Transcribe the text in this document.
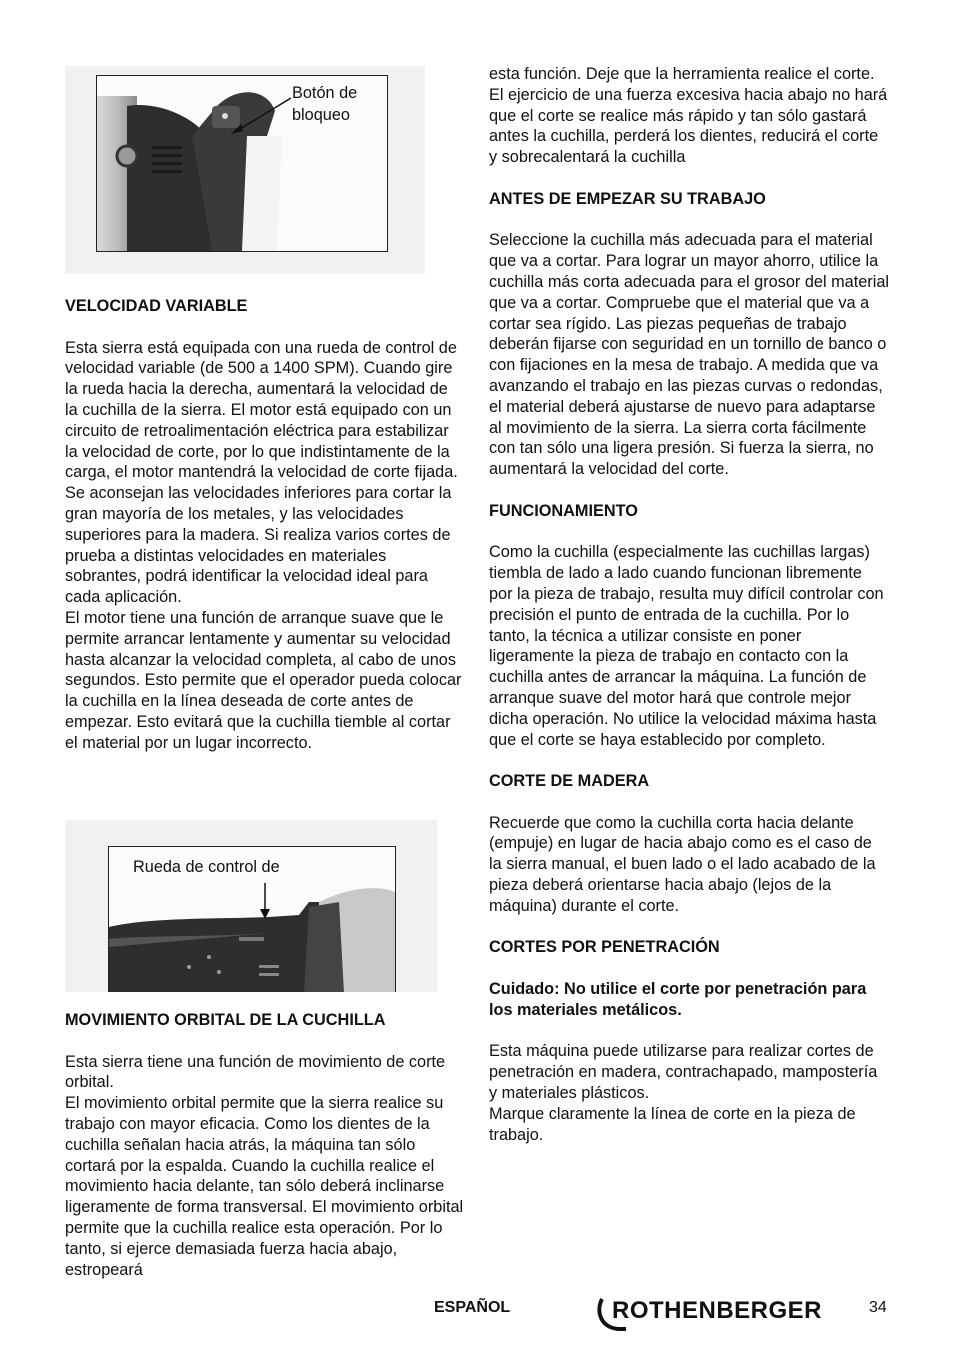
Botón de
bloqueo
VELOCIDAD VARIABLE

Esta sierra está equipada con una rueda de control de velocidad variable (de 500 a 1400 SPM). Cuando gire la rueda hacia la derecha, aumentará la velocidad de la cuchilla de la sierra. El motor está equipado con un circuito de retroalimentación eléctrica para estabilizar la velocidad de corte, por lo que indistintamente de la carga, el motor mantendrá la velocidad de corte fijada.

Se aconsejan las velocidades inferiores para cortar la gran mayoría de los metales, y las velocidades superiores para la madera. Si realiza varios cortes de prueba a distintas velocidades en materiales sobrantes, podrá identificar la velocidad ideal para cada aplicación.

El motor tiene una función de arranque suave que le permite arrancar lentamente y aumentar su velocidad hasta alcanzar la velocidad completa, al cabo de unos segundos. Esto permite que el operador pueda colocar la cuchilla en la línea deseada de corte antes de empezar. Esto evitará que la cuchilla tiemble al cortar el material por un lugar incorrecto.

Rueda de control de
MOVIMIENTO ORBITAL DE LA CUCHILLA

Esta sierra tiene una función de movimiento de corte orbital.

El movimiento orbital permite que la sierra realice su trabajo con mayor eficacia. Como los dientes de la cuchilla señalan hacia atrás, la máquina tan sólo cortará por la espalda. Cuando la cuchilla realice el movimiento hacia delante, tan sólo deberá inclinarse ligeramente de forma transversal. El movimiento orbital permite que la cuchilla realice esta operación. Por lo tanto, si ejerce demasiada fuerza hacia abajo, estropeará

esta función. Deje que la herramienta realice el corte. El ejercicio de una fuerza excesiva hacia abajo no hará que el corte se realice más rápido y tan sólo gastará antes la cuchilla, perderá los dientes, reducirá el corte y sobrecalentará la cuchilla

ANTES DE EMPEZAR SU TRABAJO

Seleccione la cuchilla más adecuada para el material que va a cortar. Para lograr un mayor ahorro, utilice la cuchilla más corta adecuada para el grosor del material que va a cortar. Compruebe que el material que va a cortar sea rígido. Las piezas pequeñas de trabajo deberán fijarse con seguridad en un tornillo de banco o con fijaciones en la mesa de trabajo. A medida que va avanzando el trabajo en las piezas curvas o redondas, el material deberá ajustarse de nuevo para adaptarse al movimiento de la sierra. La sierra corta fácilmente con tan sólo una ligera presión. Si fuerza la sierra, no aumentará la velocidad del corte.

FUNCIONAMIENTO

Como la cuchilla (especialmente las cuchillas largas) tiembla de lado a lado cuando funcionan libremente por la pieza de trabajo, resulta muy difícil controlar con precisión el punto de entrada de la cuchilla. Por lo tanto, la técnica a utilizar consiste en poner ligeramente la pieza de trabajo en contacto con la cuchilla antes de arrancar la máquina. La función de arranque suave del motor hará que controle mejor dicha operación. No utilice la velocidad máxima hasta que el corte se haya establecido por completo.

CORTE DE MADERA

Recuerde que como la cuchilla corta hacia delante (empuje) en lugar de hacia abajo como es el caso de la sierra manual, el buen lado o el lado acabado de la pieza deberá orientarse hacia abajo (lejos de la máquina) durante el corte.

CORTES POR PENETRACIÓN

Cuidado: No utilice el corte por penetración para los materiales metálicos.

Esta máquina puede utilizarse para realizar cortes de penetración en madera, contrachapado, mampostería y materiales plásticos.

Marque claramente la línea de corte en la pieza de trabajo.

ESPAÑOL	ROTHENBERGER	34
